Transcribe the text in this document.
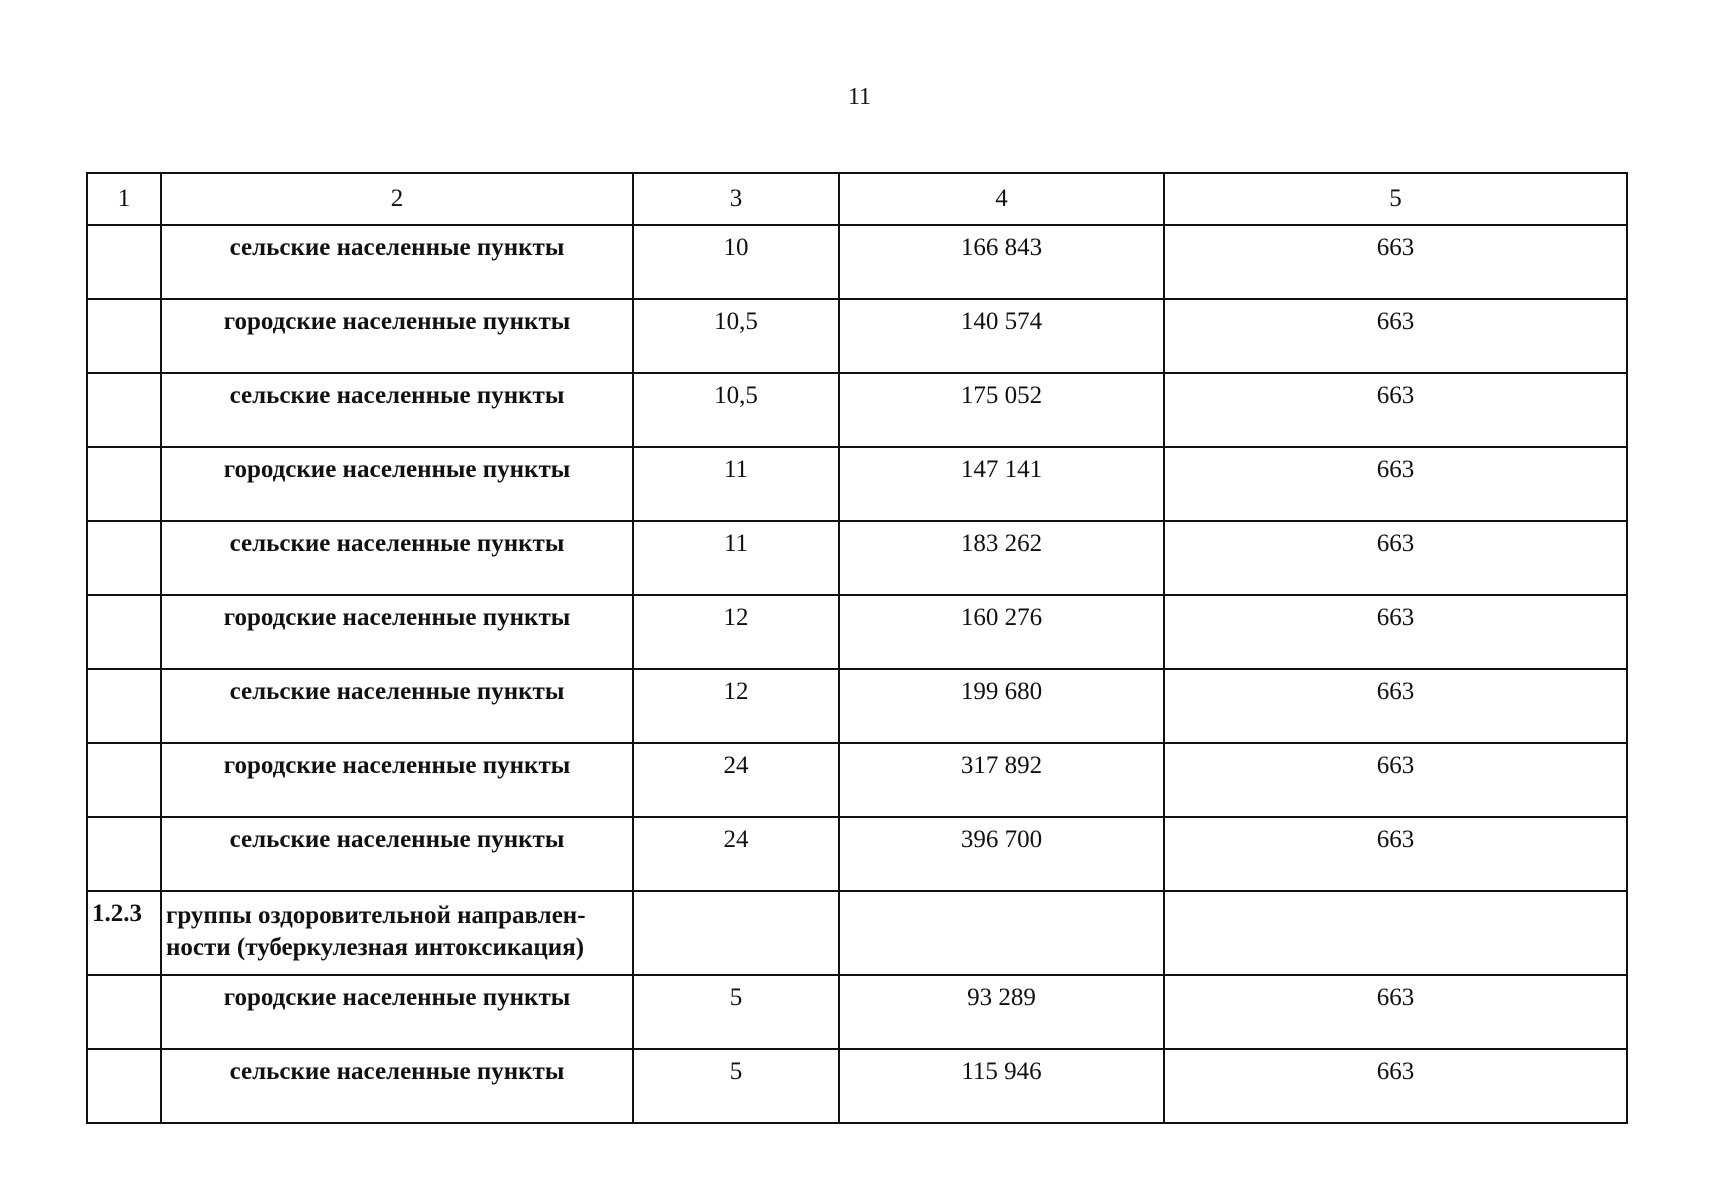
11
1	2	3	4	5
	сельские населенные пункты	10	166 843	663
	городские населенные пункты	10,5	140 574	663
	сельские населенные пункты	10,5	175 052	663
	городские населенные пункты	11	147 141	663
	сельские населенные пункты	11	183 262	663
	городские населенные пункты	12	160 276	663
	сельские населенные пункты	12	199 680	663
	городские населенные пункты	24	317 892	663
	сельские населенные пункты	24	396 700	663
1.2.3	группы оздоровительной направлен-
ности (туберкулезная интоксикация)			
	городские населенные пункты	5	93 289	663
	сельские населенные пункты	5	115 946	663
